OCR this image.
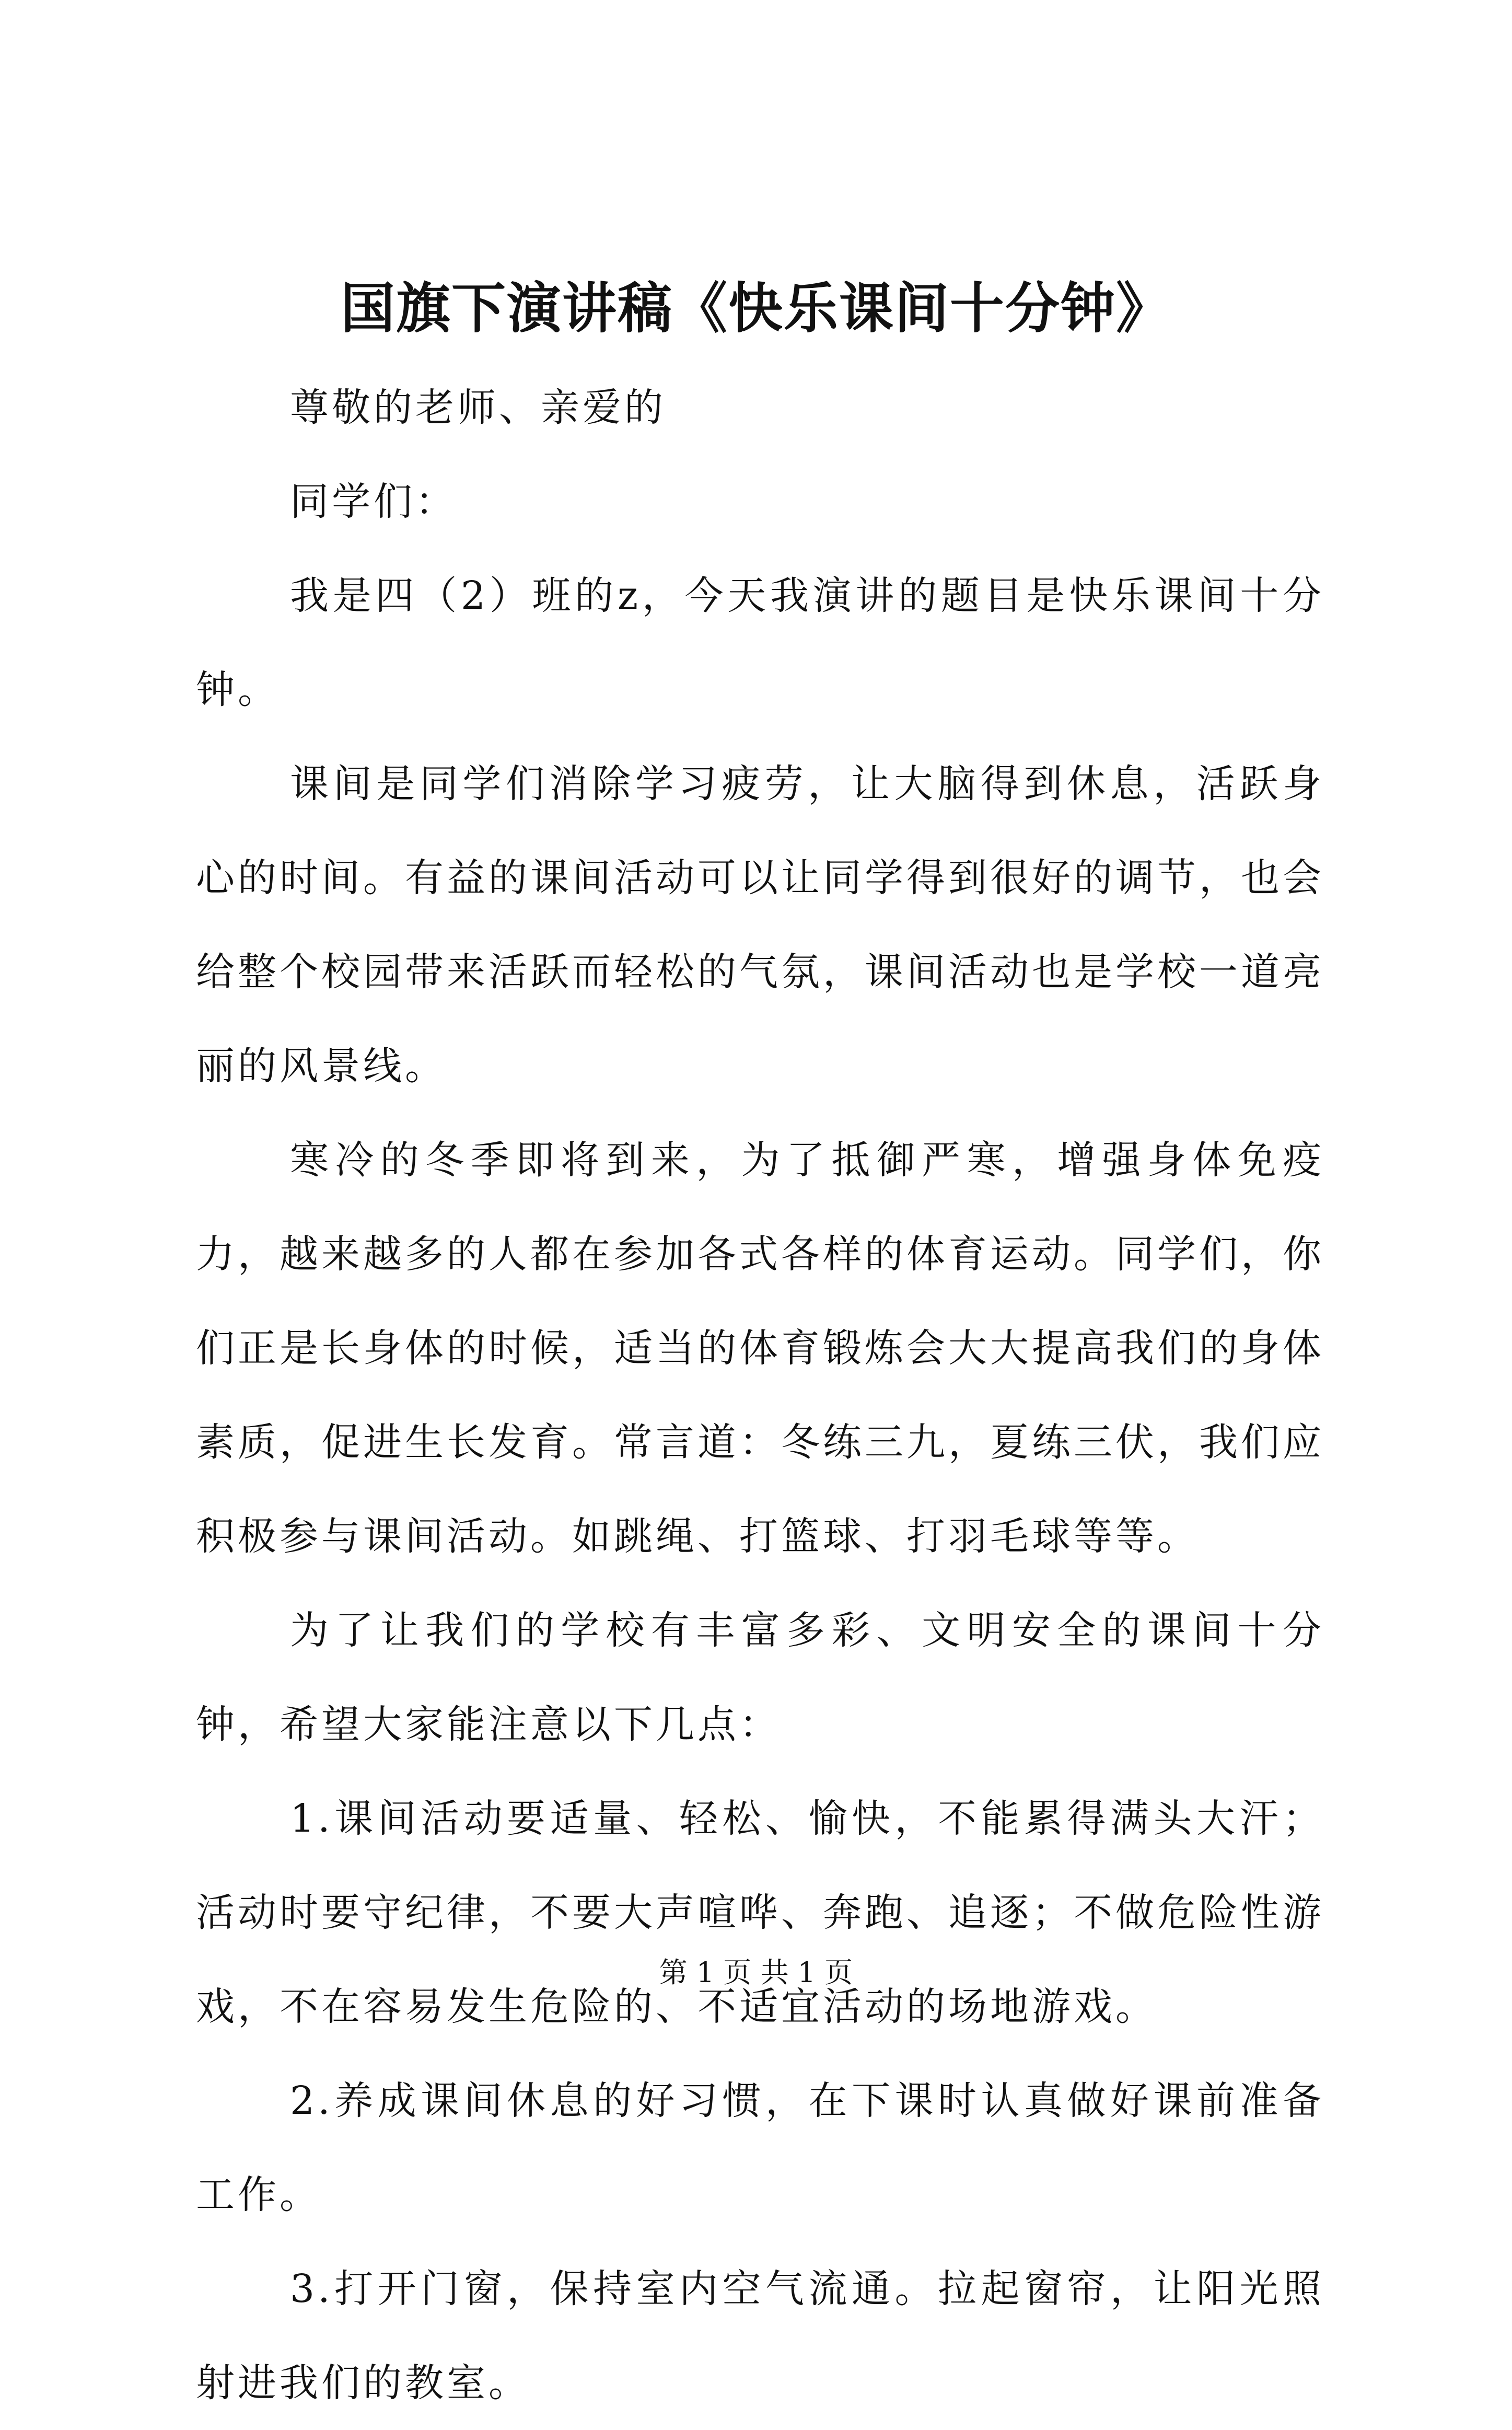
国旗下演讲稿《快乐课间十分钟》

尊敬的老师、亲爱的

同学们：

我是四（2）班的z，今天我演讲的题目是快乐课间十分钟。

课间是同学们消除学习疲劳，让大脑得到休息，活跃身心的时间。有益的课间活动可以让同学得到很好的调节，也会给整个校园带来活跃而轻松的气氛，课间活动也是学校一道亮丽的风景线。

寒冷的冬季即将到来，为了抵御严寒，增强身体免疫力，越来越多的人都在参加各式各样的体育运动。同学们，你们正是长身体的时候，适当的体育锻炼会大大提高我们的身体素质，促进生长发育。常言道：冬练三九，夏练三伏，我们应积极参与课间活动。如跳绳、打篮球、打羽毛球等等。

为了让我们的学校有丰富多彩、文明安全的课间十分钟，希望大家能注意以下几点：

1.课间活动要适量、轻松、愉快，不能累得满头大汗；活动时要守纪律，不要大声喧哗、奔跑、追逐；不做危险性游戏，不在容易发生危险的、不适宜活动的场地游戏。

2.养成课间休息的好习惯，在下课时认真做好课前准备工作。

3.打开门窗，保持室内空气流通。拉起窗帘，让阳光照射进我们的教室。

第 1 页 共 1 页
